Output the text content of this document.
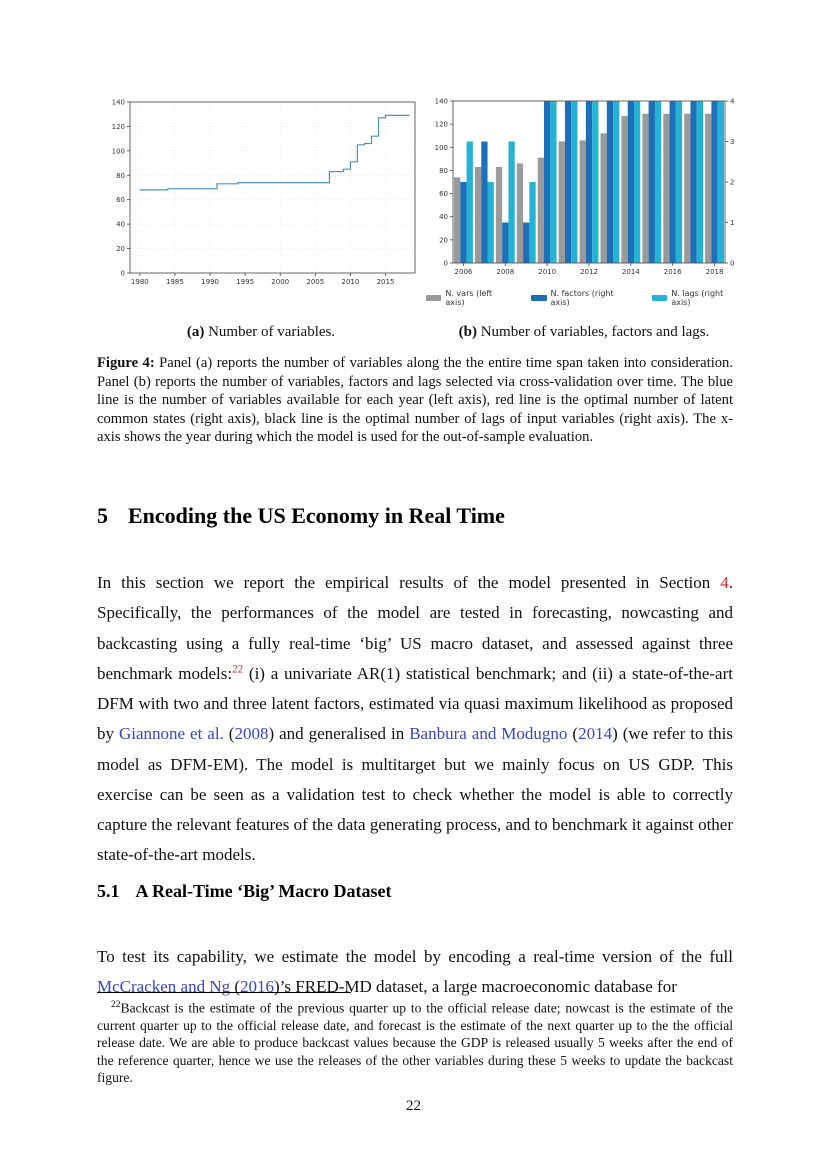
0
20
40
60
80
100
120
140
1980 1985 1990 1995 2000 2005 2010 2015
(a) Number of variables.
0
20
40
60
80
100
120
140
0
1
2
3
4
2006	2008	2010	2012	2014	2016	2018
N. vars (left axis)
N. factors (right axis)
N. lags (right axis)
(b) Number of variables, factors and lags.
Figure 4: Panel (a) reports the number of variables along the the entire time span taken into consideration. Panel (b) reports the number of variables, factors and lags selected via cross-validation over time. The blue line is the number of variables available for each year (left axis), red line is the optimal number of latent common states (right axis), black line is the optimal number of lags of input variables (right axis). The x-axis shows the year during which the model is used for the out-of-sample evaluation.
5 Encoding the US Economy in Real Time

In this section we report the empirical results of the model presented in Section 4. Specifically, the performances of the model are tested in forecasting, nowcasting and backcasting using a fully real-time ‘big’ US macro dataset, and assessed against three benchmark models:$^{22}$ (i) a univariate AR(1) statistical benchmark; and (ii) a state-of-the-art DFM with two and three latent factors, estimated via quasi maximum likelihood as proposed by Giannone et al. (2008) and generalised in Banbura and Modugno (2014) (we refer to this model as DFM-EM). The model is multitarget but we mainly focus on US GDP. This exercise can be seen as a validation test to check whether the model is able to correctly capture the relevant features of the data generating process, and to benchmark it against other state-of-the-art models.

5.1 A Real-Time ‘Big’ Macro Dataset

To test its capability, we estimate the model by encoding a real-time version of the full McCracken and Ng (2016)’s FRED-MD dataset, a large macroeconomic database for

$^{22}$Backcast is the estimate of the previous quarter up to the official release date; nowcast is the estimate of the current quarter up to the official release date, and forecast is the estimate of the next quarter up to the the official release date. We are able to produce backcast values because the GDP is released usually 5 weeks after the end of the reference quarter, hence we use the releases of the other variables during these 5 weeks to update the backcast figure.
22
